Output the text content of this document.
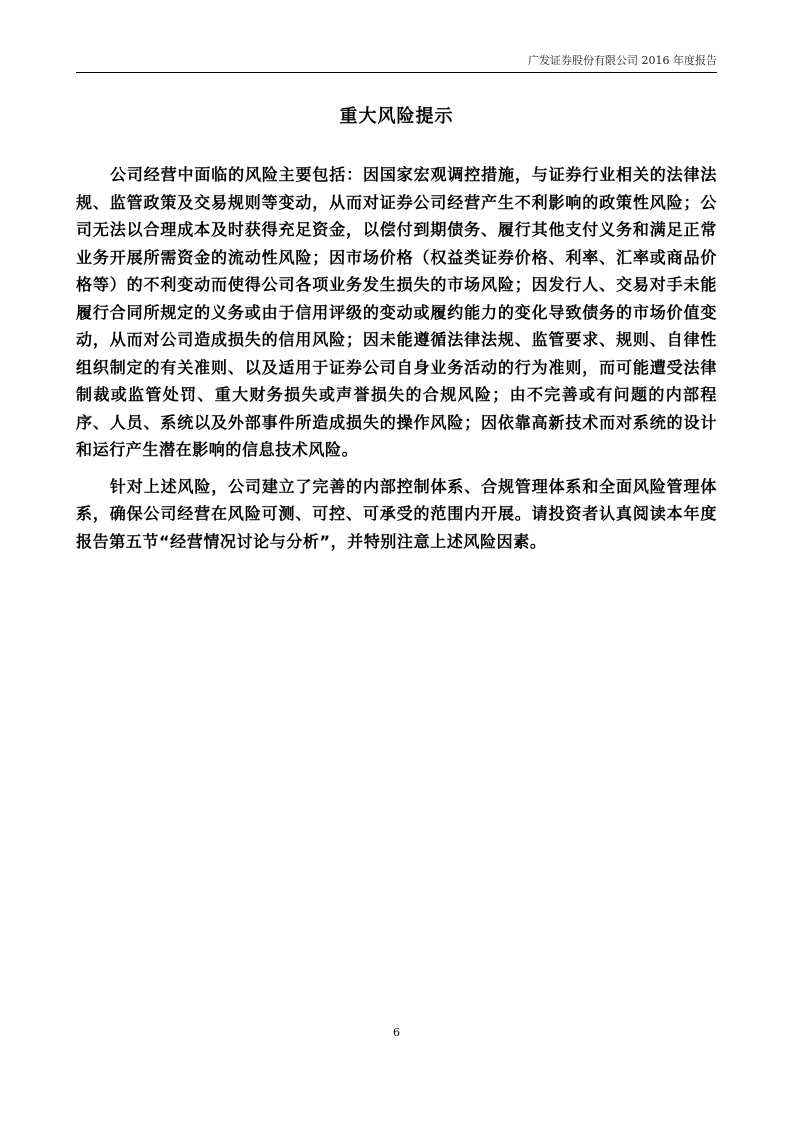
广发证券股份有限公司 2016 年度报告
重大风险提示

公司经营中面临的风险主要包括：因国家宏观调控措施，与证券行业相关的法律法规、监管政策及交易规则等变动，从而对证券公司经营产生不利影响的政策性风险；公司无法以合理成本及时获得充足资金，以偿付到期债务、履行其他支付义务和满足正常业务开展所需资金的流动性风险；因市场价格（权益类证券价格、利率、汇率或商品价格等）的不利变动而使得公司各项业务发生损失的市场风险；因发行人、交易对手未能履行合同所规定的义务或由于信用评级的变动或履约能力的变化导致债务的市场价值变动，从而对公司造成损失的信用风险；因未能遵循法律法规、监管要求、规则、自律性组织制定的有关准则、以及适用于证券公司自身业务活动的行为准则，而可能遭受法律制裁或监管处罚、重大财务损失或声誉损失的合规风险；由不完善或有问题的内部程序、人员、系统以及外部事件所造成损失的操作风险；因依靠高新技术而对系统的设计和运行产生潜在影响的信息技术风险。

针对上述风险，公司建立了完善的内部控制体系、合规管理体系和全面风险管理体系，确保公司经营在风险可测、可控、可承受的范围内开展。请投资者认真阅读本年度报告第五节“经营情况讨论与分析”，并特别注意上述风险因素。

6
